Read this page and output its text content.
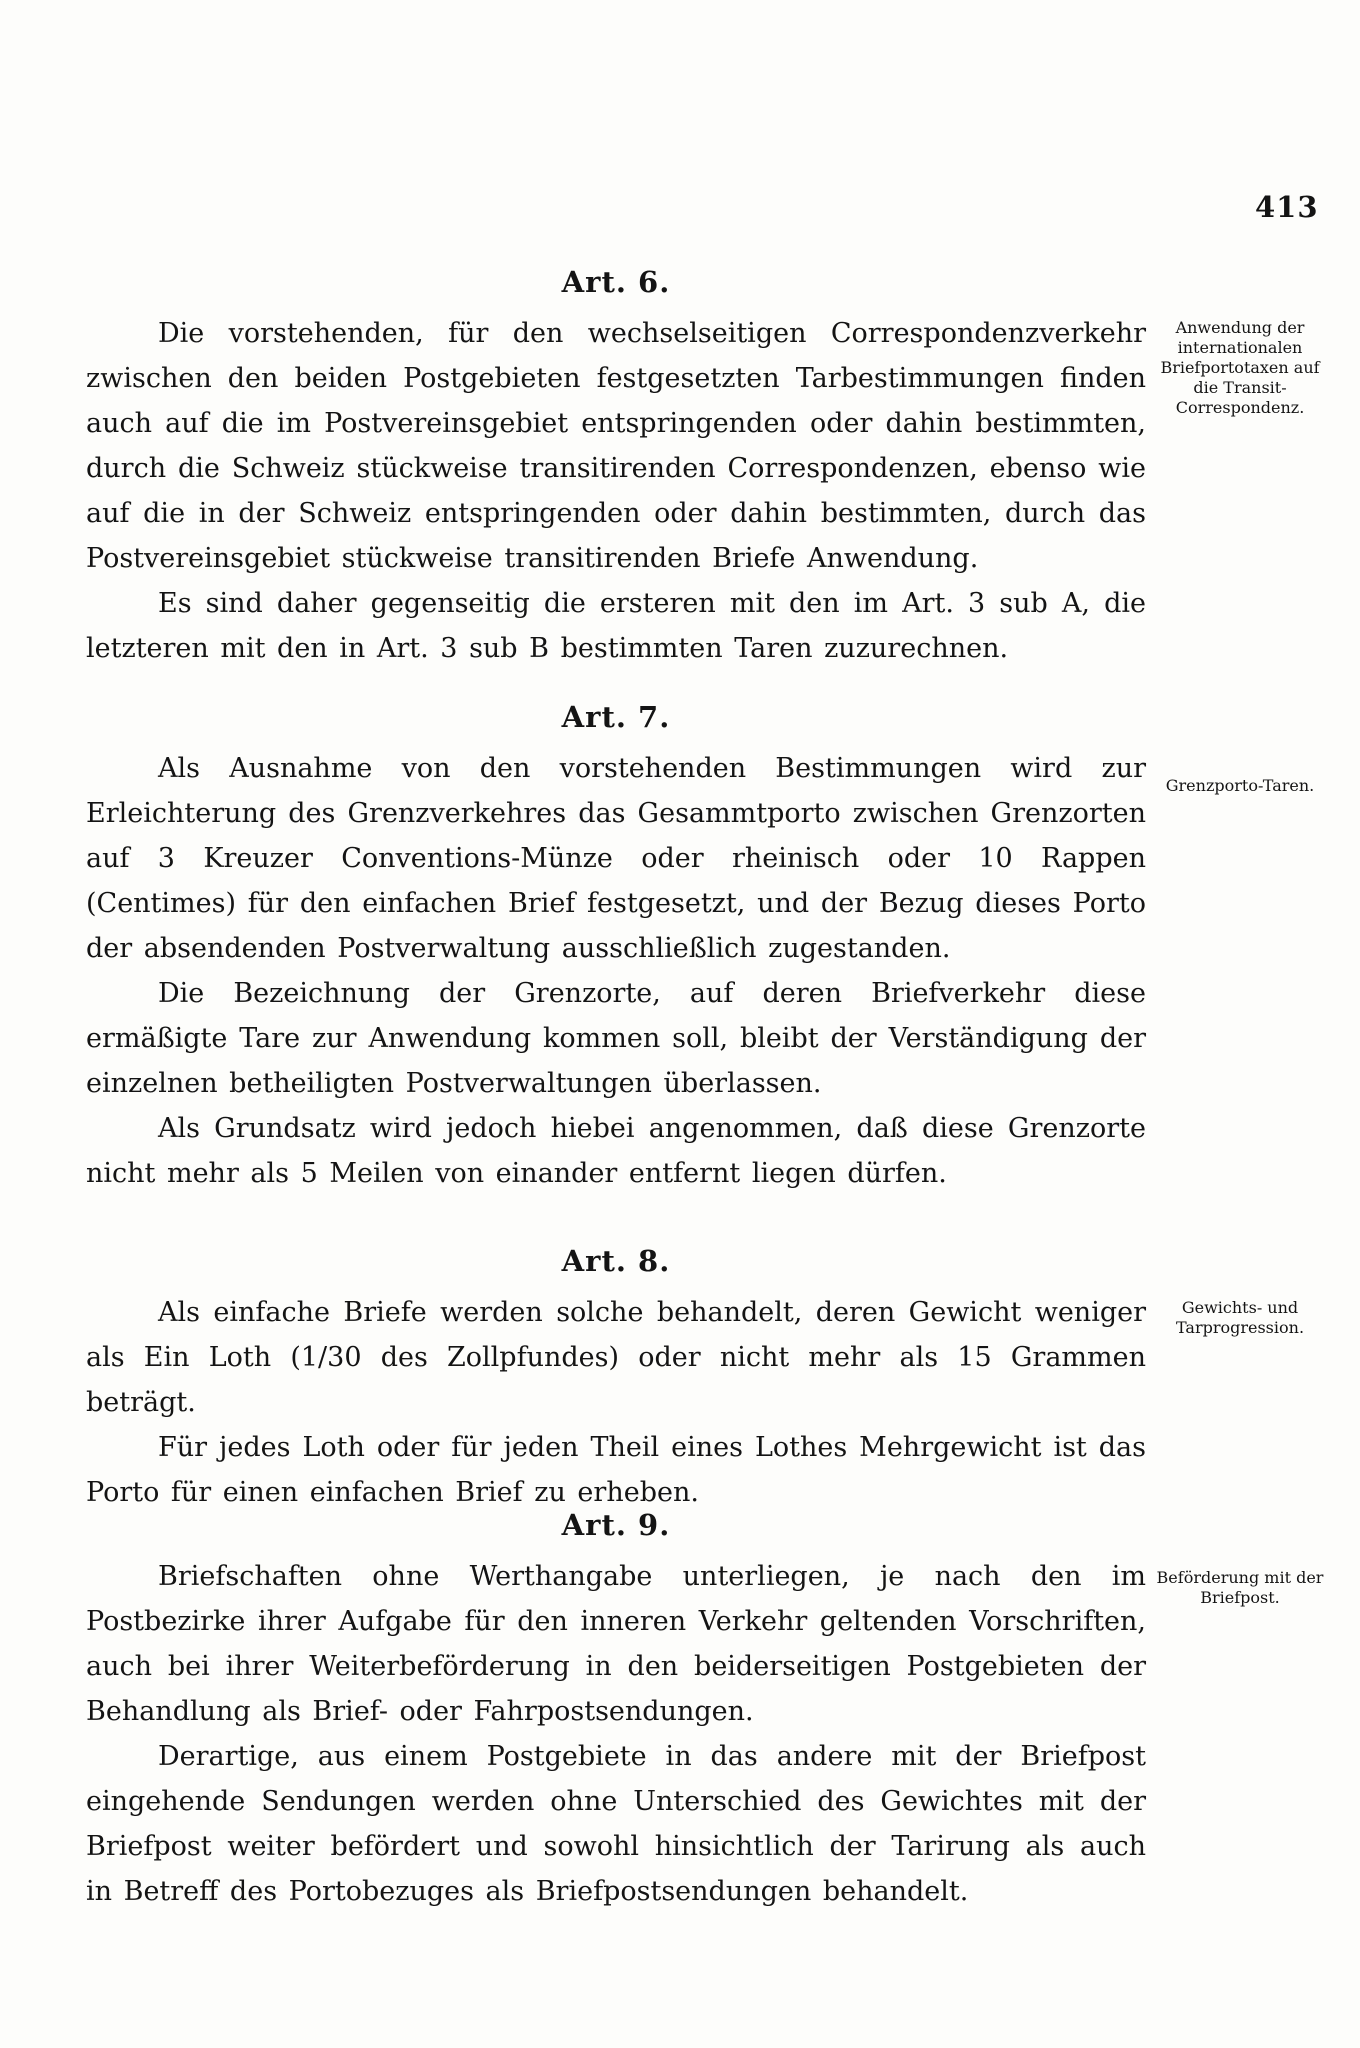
413
Art. 6.

Die vorstehenden, für den wechselseitigen Correspondenzverkehr zwischen den beiden Postgebieten festgesetzten Tarbestimmungen finden auch auf die im Postvereinsgebiet entspringenden oder dahin bestimmten, durch die Schweiz stückweise transitirenden Correspondenzen, ebenso wie auf die in der Schweiz entspringenden oder dahin bestimmten, durch das Postvereinsgebiet stückweise transitirenden Briefe Anwendung.

Es sind daher gegenseitig die ersteren mit den im Art. 3 sub A, die letzteren mit den in Art. 3 sub B bestimmten Taren zuzurechnen.

Anwendung der internationalen Briefportotaxen auf die Transit-Correspondenz.
Art. 7.

Als Ausnahme von den vorstehenden Bestimmungen wird zur Erleichterung des Grenzverkehres das Gesammtporto zwischen Grenzorten auf 3 Kreuzer Conventions-Münze oder rheinisch oder 10 Rappen (Centimes) für den einfachen Brief festgesetzt, und der Bezug dieses Porto der absendenden Postverwaltung ausschließlich zugestanden.

Die Bezeichnung der Grenzorte, auf deren Briefverkehr diese ermäßigte Tare zur Anwendung kommen soll, bleibt der Verständigung der einzelnen betheiligten Postverwaltungen überlassen.

Als Grundsatz wird jedoch hiebei angenommen, daß diese Grenzorte nicht mehr als 5 Meilen von einander entfernt liegen dürfen.

Grenzporto-Taren.
Art. 8.

Als einfache Briefe werden solche behandelt, deren Gewicht weniger als Ein Loth (1/30 des Zollpfundes) oder nicht mehr als 15 Grammen beträgt.

Für jedes Loth oder für jeden Theil eines Lothes Mehrgewicht ist das Porto für einen einfachen Brief zu erheben.

Gewichts- und Tarprogression.
Art. 9.

Briefschaften ohne Werthangabe unterliegen, je nach den im Postbezirke ihrer Aufgabe für den inneren Verkehr geltenden Vorschriften, auch bei ihrer Weiterbeförderung in den beiderseitigen Postgebieten der Behandlung als Brief- oder Fahrpostsendungen.

Derartige, aus einem Postgebiete in das andere mit der Briefpost eingehende Sendungen werden ohne Unterschied des Gewichtes mit der Briefpost weiter befördert und sowohl hinsichtlich der Tarirung als auch in Betreff des Portobezuges als Briefpostsendungen behandelt.

Beförderung mit der Briefpost.
